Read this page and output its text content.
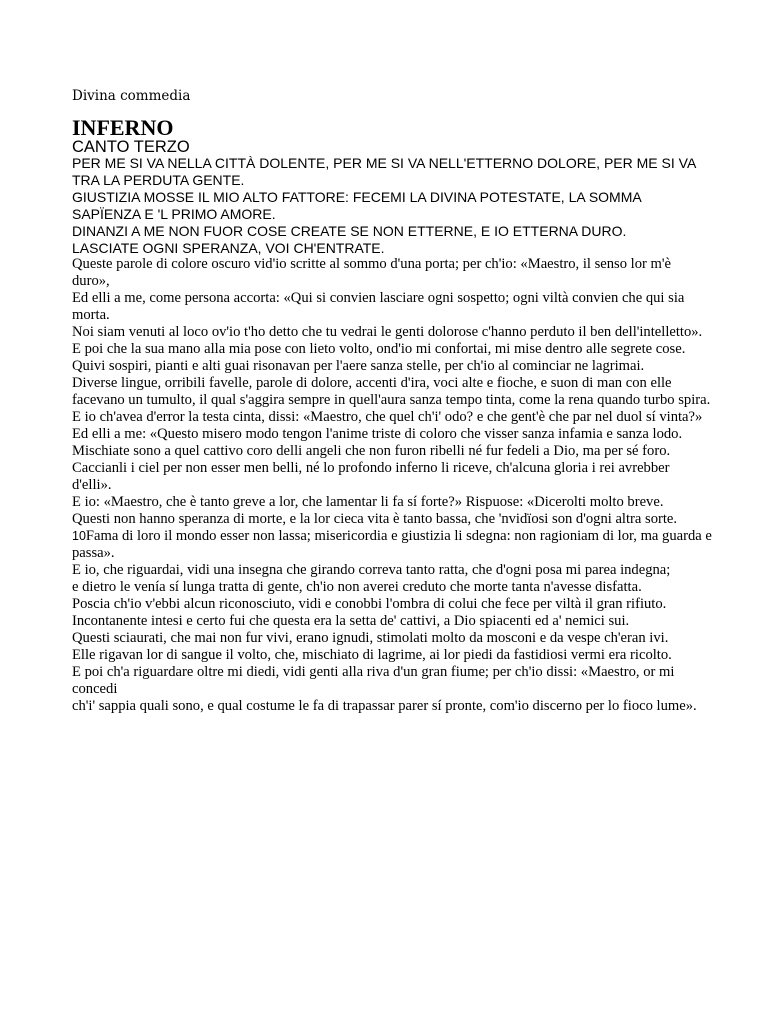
Divina commedia
INFERNO
CANTO TERZO

PER ME SI VA NELLA CITTÀ DOLENTE, PER ME SI VA NELL'ETTERNO DOLORE, PER ME SI VA TRA LA PERDUTA GENTE.

GIUSTIZIA MOSSE IL MIO ALTO FATTORE: FECEMI LA DIVINA POTESTATE, LA SOMMA SAPÏENZA E 'L PRIMO AMORE.

DINANZI A ME NON FUOR COSE CREATE SE NON ETTERNE, E IO ETTERNA DURO.

LASCIATE OGNI SPERANZA, VOI CH'ENTRATE.

Queste parole di colore oscuro vid'io scritte al sommo d'una porta; per ch'io: «Maestro, il senso lor m'è duro»,

Ed elli a me, come persona accorta: «Qui si convien lasciare ogni sospetto; ogni viltà convien che qui sia morta.

Noi siam venuti al loco ov'io t'ho detto che tu vedrai le genti dolorose c'hanno perduto il ben dell'intelletto».

E poi che la sua mano alla mia pose con lieto volto, ond'io mi confortai, mi mise dentro alle segrete cose.

Quivi sospiri, pianti e alti guai risonavan per l'aere sanza stelle, per ch'io al cominciar ne lagrimai.

Diverse lingue, orribili favelle, parole di dolore, accenti d'ira, voci alte e fioche, e suon di man con elle

facevano un tumulto, il qual s'aggira sempre in quell'aura sanza tempo tinta, come la rena quando turbo spira.

E io ch'avea d'error la testa cinta, dissi: «Maestro, che quel ch'i' odo? e che gent'è che par nel duol sí vinta?»

Ed elli a me: «Questo misero modo tengon l'anime triste di coloro che visser sanza infamia e sanza lodo.

Mischiate sono a quel cattivo coro delli angeli che non furon ribelli né fur fedeli a Dio, ma per sé foro.

Caccianli i ciel per non esser men belli, né lo profondo inferno li riceve, ch'alcuna gloria i rei avrebber d'elli».

E io: «Maestro, che è tanto greve a lor, che lamentar li fa sí forte?» Rispuose: «Dicerolti molto breve.

Questi non hanno speranza di morte, e la lor cieca vita è tanto bassa, che 'nvidïosi son d'ogni altra sorte.

10Fama di loro il mondo esser non lassa; misericordia e giustizia li sdegna: non ragioniam di lor, ma guarda e passa».

E io, che riguardai, vidi una insegna che girando correva tanto ratta, che d'ogni posa mi parea indegna;

e dietro le venía sí lunga tratta di gente, ch'io non averei creduto che morte tanta n'avesse disfatta.

Poscia ch'io v'ebbi alcun riconosciuto, vidi e conobbi l'ombra di colui che fece per viltà il gran rifiuto.

Incontanente intesi e certo fui che questa era la setta de' cattivi, a Dio spiacenti ed a' nemici sui.

Questi sciaurati, che mai non fur vivi, erano ignudi, stimolati molto da mosconi e da vespe ch'eran ivi.

Elle rigavan lor di sangue il volto, che, mischiato di lagrime, ai lor piedi da fastidiosi vermi era ricolto.

E poi ch'a riguardare oltre mi diedi, vidi genti alla riva d'un gran fiume; per ch'io dissi: «Maestro, or mi concedi

ch'i' sappia quali sono, e qual costume le fa di trapassar parer sí pronte, com'io discerno per lo fioco lume».
